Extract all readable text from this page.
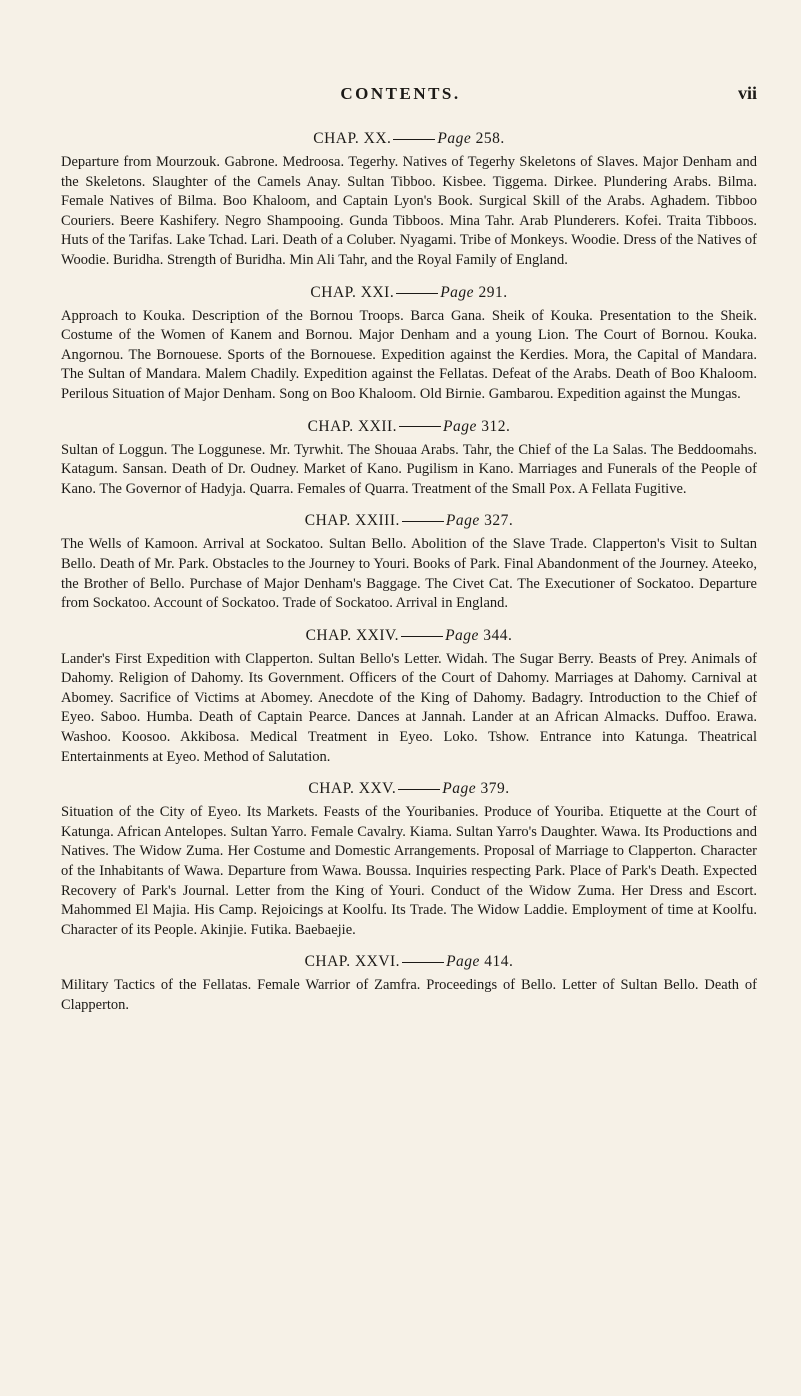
CONTENTS.	vii
CHAP. XX.	Page 258.

Departure from Mourzouk. Gabrone. Medroosa. Tegerhy. Natives of Tegerhy Skeletons of Slaves. Major Denham and the Skeletons. Slaughter of the Camels Anay. Sultan Tibboo. Kisbee. Tiggema. Dirkee. Plundering Arabs. Bilma. Female Natives of Bilma. Boo Khaloom, and Captain Lyon's Book. Surgical Skill of the Arabs. Aghadem. Tibboo Couriers. Beere Kashifery. Negro Shampooing. Gunda Tibboos. Mina Tahr. Arab Plunderers. Kofei. Traita Tibboos. Huts of the Tarifas. Lake Tchad. Lari. Death of a Coluber. Nyagami. Tribe of Monkeys. Woodie. Dress of the Natives of Woodie. Buridha. Strength of Buridha. Min Ali Tahr, and the Royal Family of England.

CHAP. XXI.	Page 291.

Approach to Kouka. Description of the Bornou Troops. Barca Gana. Sheik of Kouka. Presentation to the Sheik. Costume of the Women of Kanem and Bornou. Major Denham and a young Lion. The Court of Bornou. Kouka. Angornou. The Bornouese. Sports of the Bornouese. Expedition against the Kerdies. Mora, the Capital of Mandara. The Sultan of Mandara. Malem Chadily. Expedition against the Fellatas. Defeat of the Arabs. Death of Boo Khaloom. Perilous Situation of Major Denham. Song on Boo Khaloom. Old Birnie. Gambarou. Expedition against the Mungas.

CHAP. XXII.	Page 312.

Sultan of Loggun. The Loggunese. Mr. Tyrwhit. The Shouaa Arabs. Tahr, the Chief of the La Salas. The Beddoomahs. Katagum. Sansan. Death of Dr. Oudney. Market of Kano. Pugilism in Kano. Marriages and Funerals of the People of Kano. The Governor of Hadyja. Quarra. Females of Quarra. Treatment of the Small Pox. A Fellata Fugitive.

CHAP. XXIII.	Page 327.

The Wells of Kamoon. Arrival at Sockatoo. Sultan Bello. Abolition of the Slave Trade. Clapperton's Visit to Sultan Bello. Death of Mr. Park. Obstacles to the Journey to Youri. Books of Park. Final Abandonment of the Journey. Ateeko, the Brother of Bello. Purchase of Major Denham's Baggage. The Civet Cat. The Executioner of Sockatoo. Departure from Sockatoo. Account of Sockatoo. Trade of Sockatoo. Arrival in England.

CHAP. XXIV.	Page 344.

Lander's First Expedition with Clapperton. Sultan Bello's Letter. Widah. The Sugar Berry. Beasts of Prey. Animals of Dahomy. Religion of Dahomy. Its Government. Officers of the Court of Dahomy. Marriages at Dahomy. Carnival at Abomey. Sacrifice of Victims at Abomey. Anecdote of the King of Dahomy. Badagry. Introduction to the Chief of Eyeo. Saboo. Humba. Death of Captain Pearce. Dances at Jannah. Lander at an African Almacks. Duffoo. Erawa. Washoo. Koosoo. Akkibosa. Medical Treatment in Eyeo. Loko. Tshow. Entrance into Katunga. Theatrical Entertainments at Eyeo. Method of Salutation.

CHAP. XXV.	Page 379.

Situation of the City of Eyeo. Its Markets. Feasts of the Youribanies. Produce of Youriba. Etiquette at the Court of Katunga. African Antelopes. Sultan Yarro. Female Cavalry. Kiama. Sultan Yarro's Daughter. Wawa. Its Productions and Natives. The Widow Zuma. Her Costume and Domestic Arrangements. Proposal of Marriage to Clapperton. Character of the Inhabitants of Wawa. Departure from Wawa. Boussa. Inquiries respecting Park. Place of Park's Death. Expected Recovery of Park's Journal. Letter from the King of Youri. Conduct of the Widow Zuma. Her Dress and Escort. Mahommed El Majia. His Camp. Rejoicings at Koolfu. Its Trade. The Widow Laddie. Employment of time at Koolfu. Character of its People. Akinjie. Futika. Baebaejie.

CHAP. XXVI.	Page 414.

Military Tactics of the Fellatas. Female Warrior of Zamfra. Proceedings of Bello. Letter of Sultan Bello. Death of Clapperton.
